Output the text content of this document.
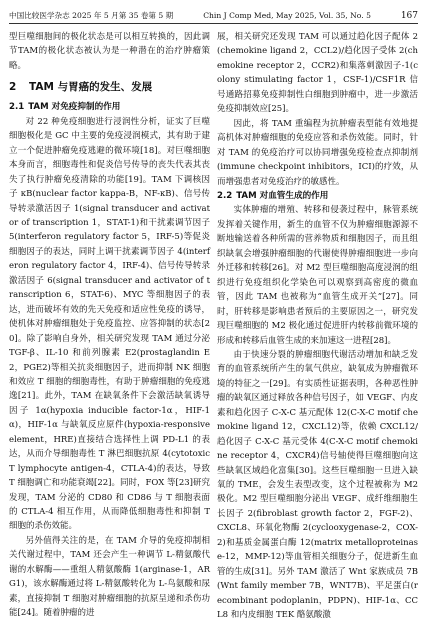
中国比较医学杂志 2025 年 5 月第 35 卷第 5 期	Chin J Comp Med, May 2025, Vol. 35, No. 5	167

型巨噬细胞间的极化状态是可以相互转换的，因此调节TAM的极化状态被认为是一种潜在的治疗肿瘤策略。

2 TAM 与胃癌的发生、发展
2.1 TAM 对免疫抑制的作用

对 22 种免疫细胞进行浸润性分析，证实了巨噬细胞极化是 GC 中主要的免疫浸润模式，其有助于建立一个促进肿瘤免疫逃避的微环境[18]。对巨噬细胞本身而言，细胞毒性和促炎信号传导的丧失代表其丧失了执行肿瘤免疫清除的功能[19]。TAM 下调核因子 κB(nuclear factor kappa-B，NF-κB)、信号传导转录激活因子 1(signal transducer and activator of transcription 1，STAT-1)和干扰素调节因子 5(interferon regulatory factor 5，IRF-5)等促炎细胞因子的表达，同时上调干扰素调节因子 4(interferon regulatory factor 4，IRF-4)、信号传导转录激活因子 6(signal transducer and activator of transcription 6，STAT-6)、MYC 等细胞因子的表达，进而破坏有效的先天免疫和适应性免疫的诱导，使机体对肿瘤细胞处于免疫监控、应答抑制的状态[20]。除了影响自身外，相关研究发现 TAM 通过分泌 TGF-β、IL-10 和前列腺素 E2(prostaglandin E2，PGE2)等相关抗炎细胞因子，进而抑制 NK 细胞和效应 T 细胞的细胞毒性，有助于肿瘤细胞的免疫逃逸[21]。此外，TAM 在缺氧条件下会激活缺氧诱导因子 1α(hypoxia inducible factor-1α，HIF-1α)，HIF-1α 与缺氧反应原件(hypoxia-responsive element，HRE)直接结合选择性上调 PD-L1 的表达，从而介导细胞毒性 T 淋巴细胞抗原 4(cytotoxic T lymphocyte antigen-4，CTLA-4)的表达，导致 T 细胞调亡和功能衰竭[22]。同时，FOX 等[23]研究发现，TAM 分泌的 CD80 和 CD86 与 T 细胞表面的 CTLA-4 相互作用，从而降低细胞毒性和抑制 T 细胞的杀伤效能。

另外值得关注的是，在 TAM 介导的免疫抑制相关代谢过程中，TAM 还会产生一种调节 L-精氨酸代谢的水解酶——重组人精氨酸酶 1(arginase-1，ARG1)，该水解酶通过将 L-精氨酸转化为 L-鸟氨酸和尿素，直接抑制 T 细胞对肿瘤细胞的抗原呈递和杀伤功能[24]。随着肿瘤的进

展，相关研究还发现 TAM 可以通过趋化因子配体 2(chemokine ligand 2，CCL2)/趋化因子受体 2(chemokine receptor 2，CCR2)和集落刺激因子-1(colony stimulating factor 1，CSF-1)/CSF1R 信号通路招募免疫抑制性白细胞到肿瘤中，进一步激活免疫抑制效应[25]。

因此，将 TAM 重编程为抗肿瘤表型能有效地提高机体对肿瘤细胞的免疫应答和杀伤效能。同时，针对 TAM 的免疫治疗可以协同增强免疫检查点抑制剂(immune checkpoint inhibitors，ICI)的疗效，从而增强患者对免疫治疗的敏感性。

2.2 TAM 对血管生成的作用

实体肿瘤的增殖、转移和侵袭过程中，脉管系统发挥着关键作用，新生的血管不仅为肿瘤细胞源源不断地输送着各种所需的营养物质和细胞因子，而且组织缺氧会增强肿瘤细胞的代谢使得肿瘤细胞进一步向外迁移和转移[26]。对 M2 型巨噬细胞高度浸润的组织进行免疫组织化学染色可以观察到高密度的微血管，因此 TAM 也被称为“血管生成开关”[27]。同时，肝转移是影响患者预后的主要原因之一，研究发现巨噬细胞的 M2 极化通过促进肝内转移前微环境的形成和转移后血管生成的来加速这一进程[28]。

由于快速分裂的肿瘤细胞代谢活动增加和缺乏发育的血管系统所产生的氧气供应，缺氧成为肿瘤微环境的特征之一[29]。有实质性证据表明，各种恶性肿瘤的缺氧区通过释放各种信号因子，如 VEGF、内皮素和趋化因子 C-X-C 基元配体 12(C-X-C motif chemokine ligand 12，CXCL12)等，依赖 CXCL12/趋化因子 C-X-C 基元受体 4(C-X-C motif chemokine receptor 4，CXCR4)信号轴使得巨噬细胞向这些缺氧区域趋化富集[30]。这些巨噬细胞一旦进入缺氧的 TME，会发生表型改变，这个过程被称为 M2 极化。M2 型巨噬细胞分泌出 VEGF、成纤维细胞生长因子 2(fibroblast growth factor 2，FGF-2)、CXCL8、环氧化物酶 2(cyclooxygenase-2，COX-2)和基质金属蛋白酶 12(matrix metalloproteinase-12，MMP-12)等血管相关细胞分子，促进新生血管的生成[31]。另外 TAM 激活了 Wnt 家族成员 7B(Wnt family member 7B，WNT7B)、平足蛋白(recombinant podoplanin，PDPN)、HIF-1α、CCL8 和内皮细胞 TEK 酪氨酸激
